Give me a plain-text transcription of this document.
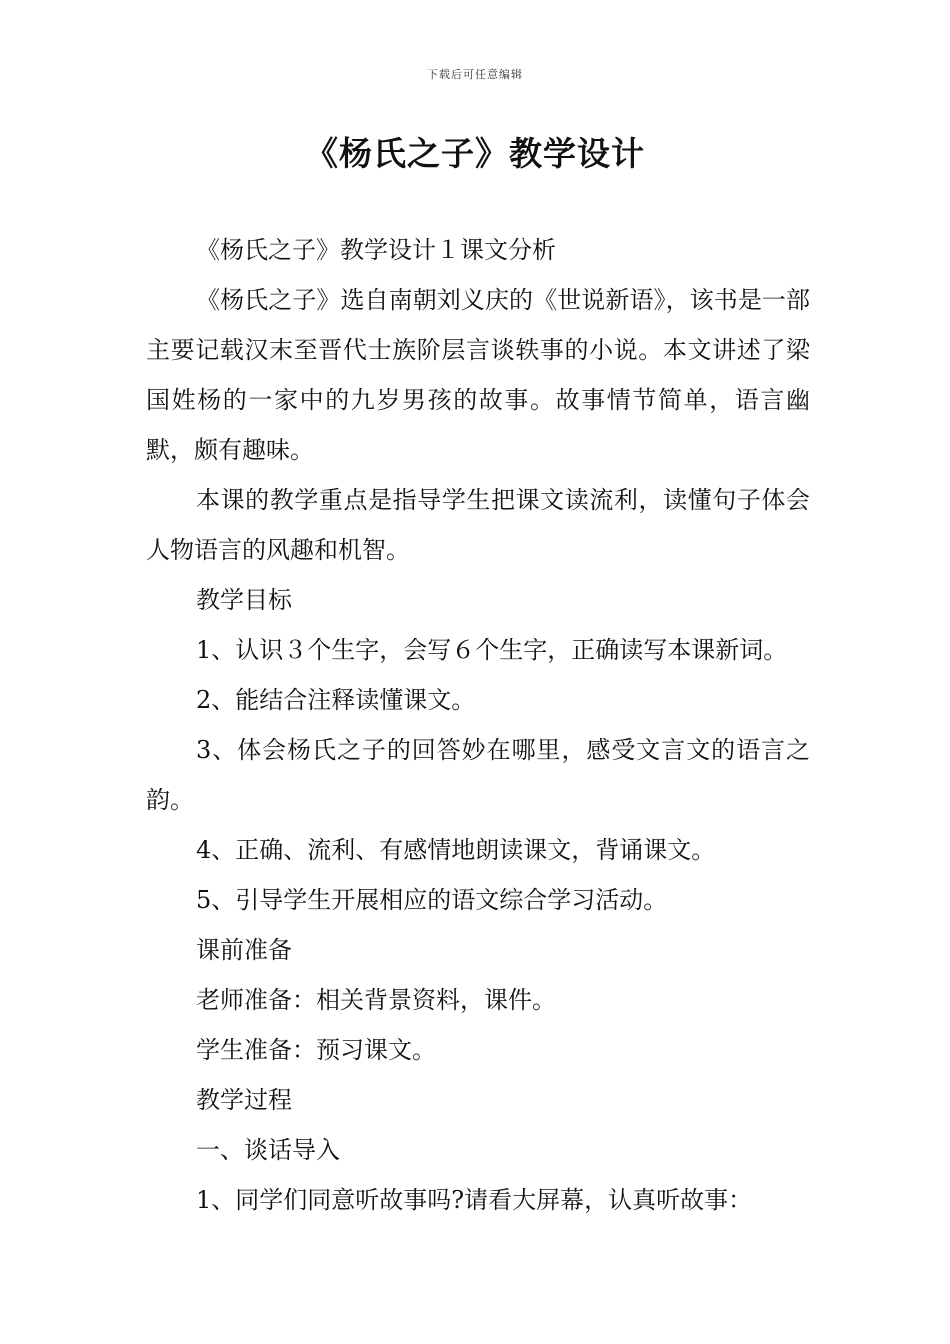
下载后可任意编辑
《杨氏之子》教学设计

《杨氏之子》教学设计１课文分析

《杨氏之子》选自南朝刘义庆的《世说新语》，该书是一部主要记载汉末至晋代士族阶层言谈轶事的小说。本文讲述了梁国姓杨的一家中的九岁男孩的故事。故事情节简单，语言幽默，颇有趣味。

本课的教学重点是指导学生把课文读流利，读懂句子体会人物语言的风趣和机智。

教学目标

1、认识３个生字，会写６个生字，正确读写本课新词。

2、能结合注释读懂课文。

3、体会杨氏之子的回答妙在哪里，感受文言文的语言之韵。

4、正确、流利、有感情地朗读课文，背诵课文。

5、引导学生开展相应的语文综合学习活动。

课前准备

老师准备：相关背景资料，课件。

学生准备：预习课文。

教学过程

一、谈话导入

1、同学们同意听故事吗?请看大屏幕，认真听故事：
